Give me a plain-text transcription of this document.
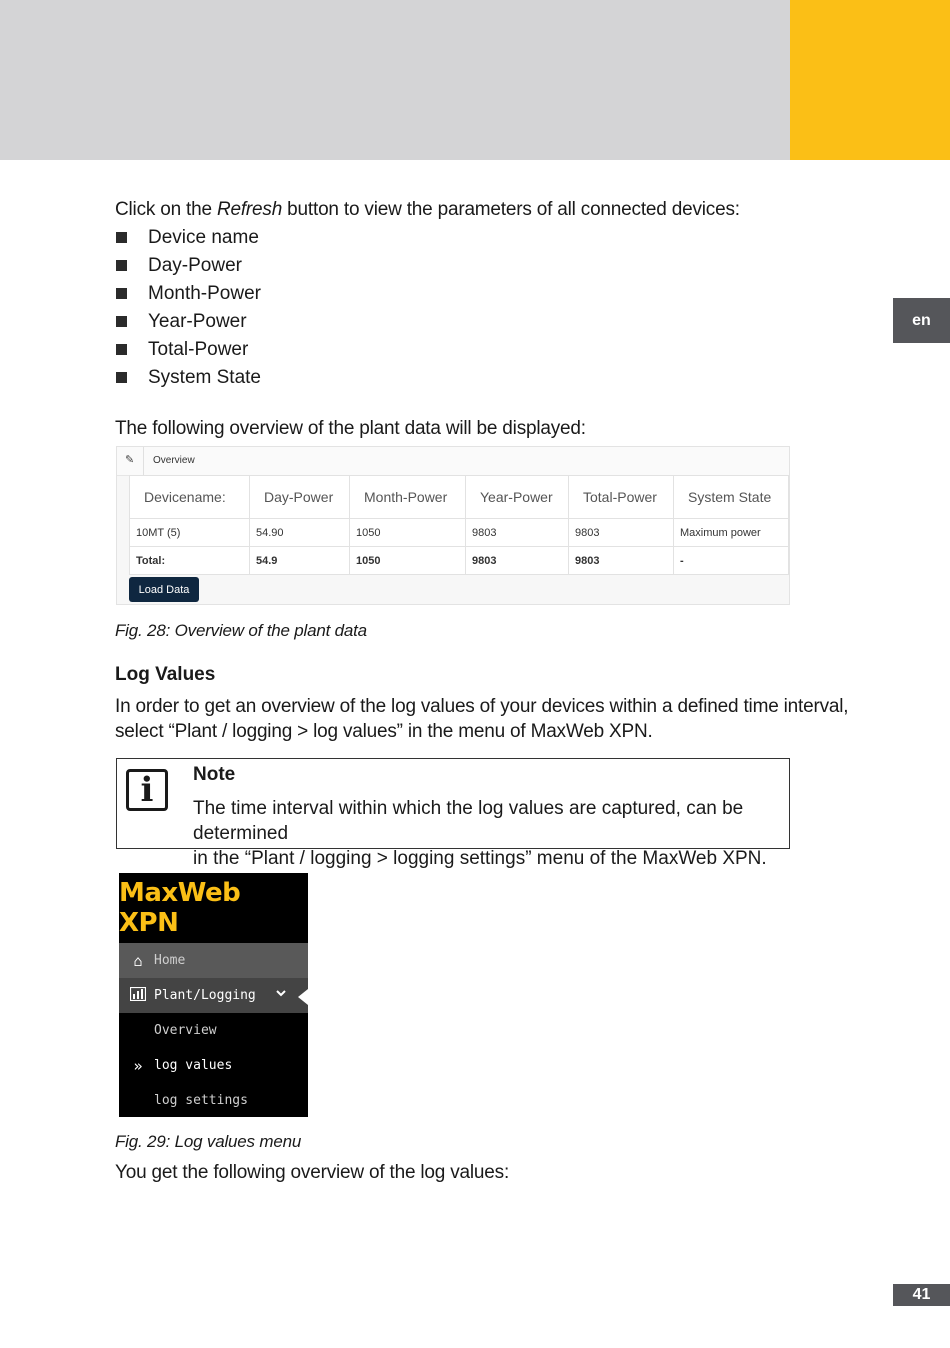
en
Click on the Refresh button to view the parameters of all connected devices:
Device name
Day-Power
Month-Power
Year-Power
Total-Power
System State
The following overview of the plant data will be displayed:
✎ Overview
Devicename:	Day-Power	Month-Power	Year-Power	Total-Power	System State
10MT (5)	54.90	1050	9803	9803	Maximum power
Total:	54.9	1050	9803	9803	-
Load Data
Fig. 28: Overview of the plant data
Log Values
In order to get an overview of the log values of your devices within a defined time interval,
select “Plant / logging > log values” in the menu of MaxWeb XPN.
i	Note
The time interval within which the log values are captured, can be determined
in the “Plant / logging > logging settings” menu of the MaxWeb XPN.
MaxWeb XPN
⌂ Home
Plant/Logging
Overview
» log values
log settings
Fig. 29: Log values menu
You get the following overview of the log values:
41
